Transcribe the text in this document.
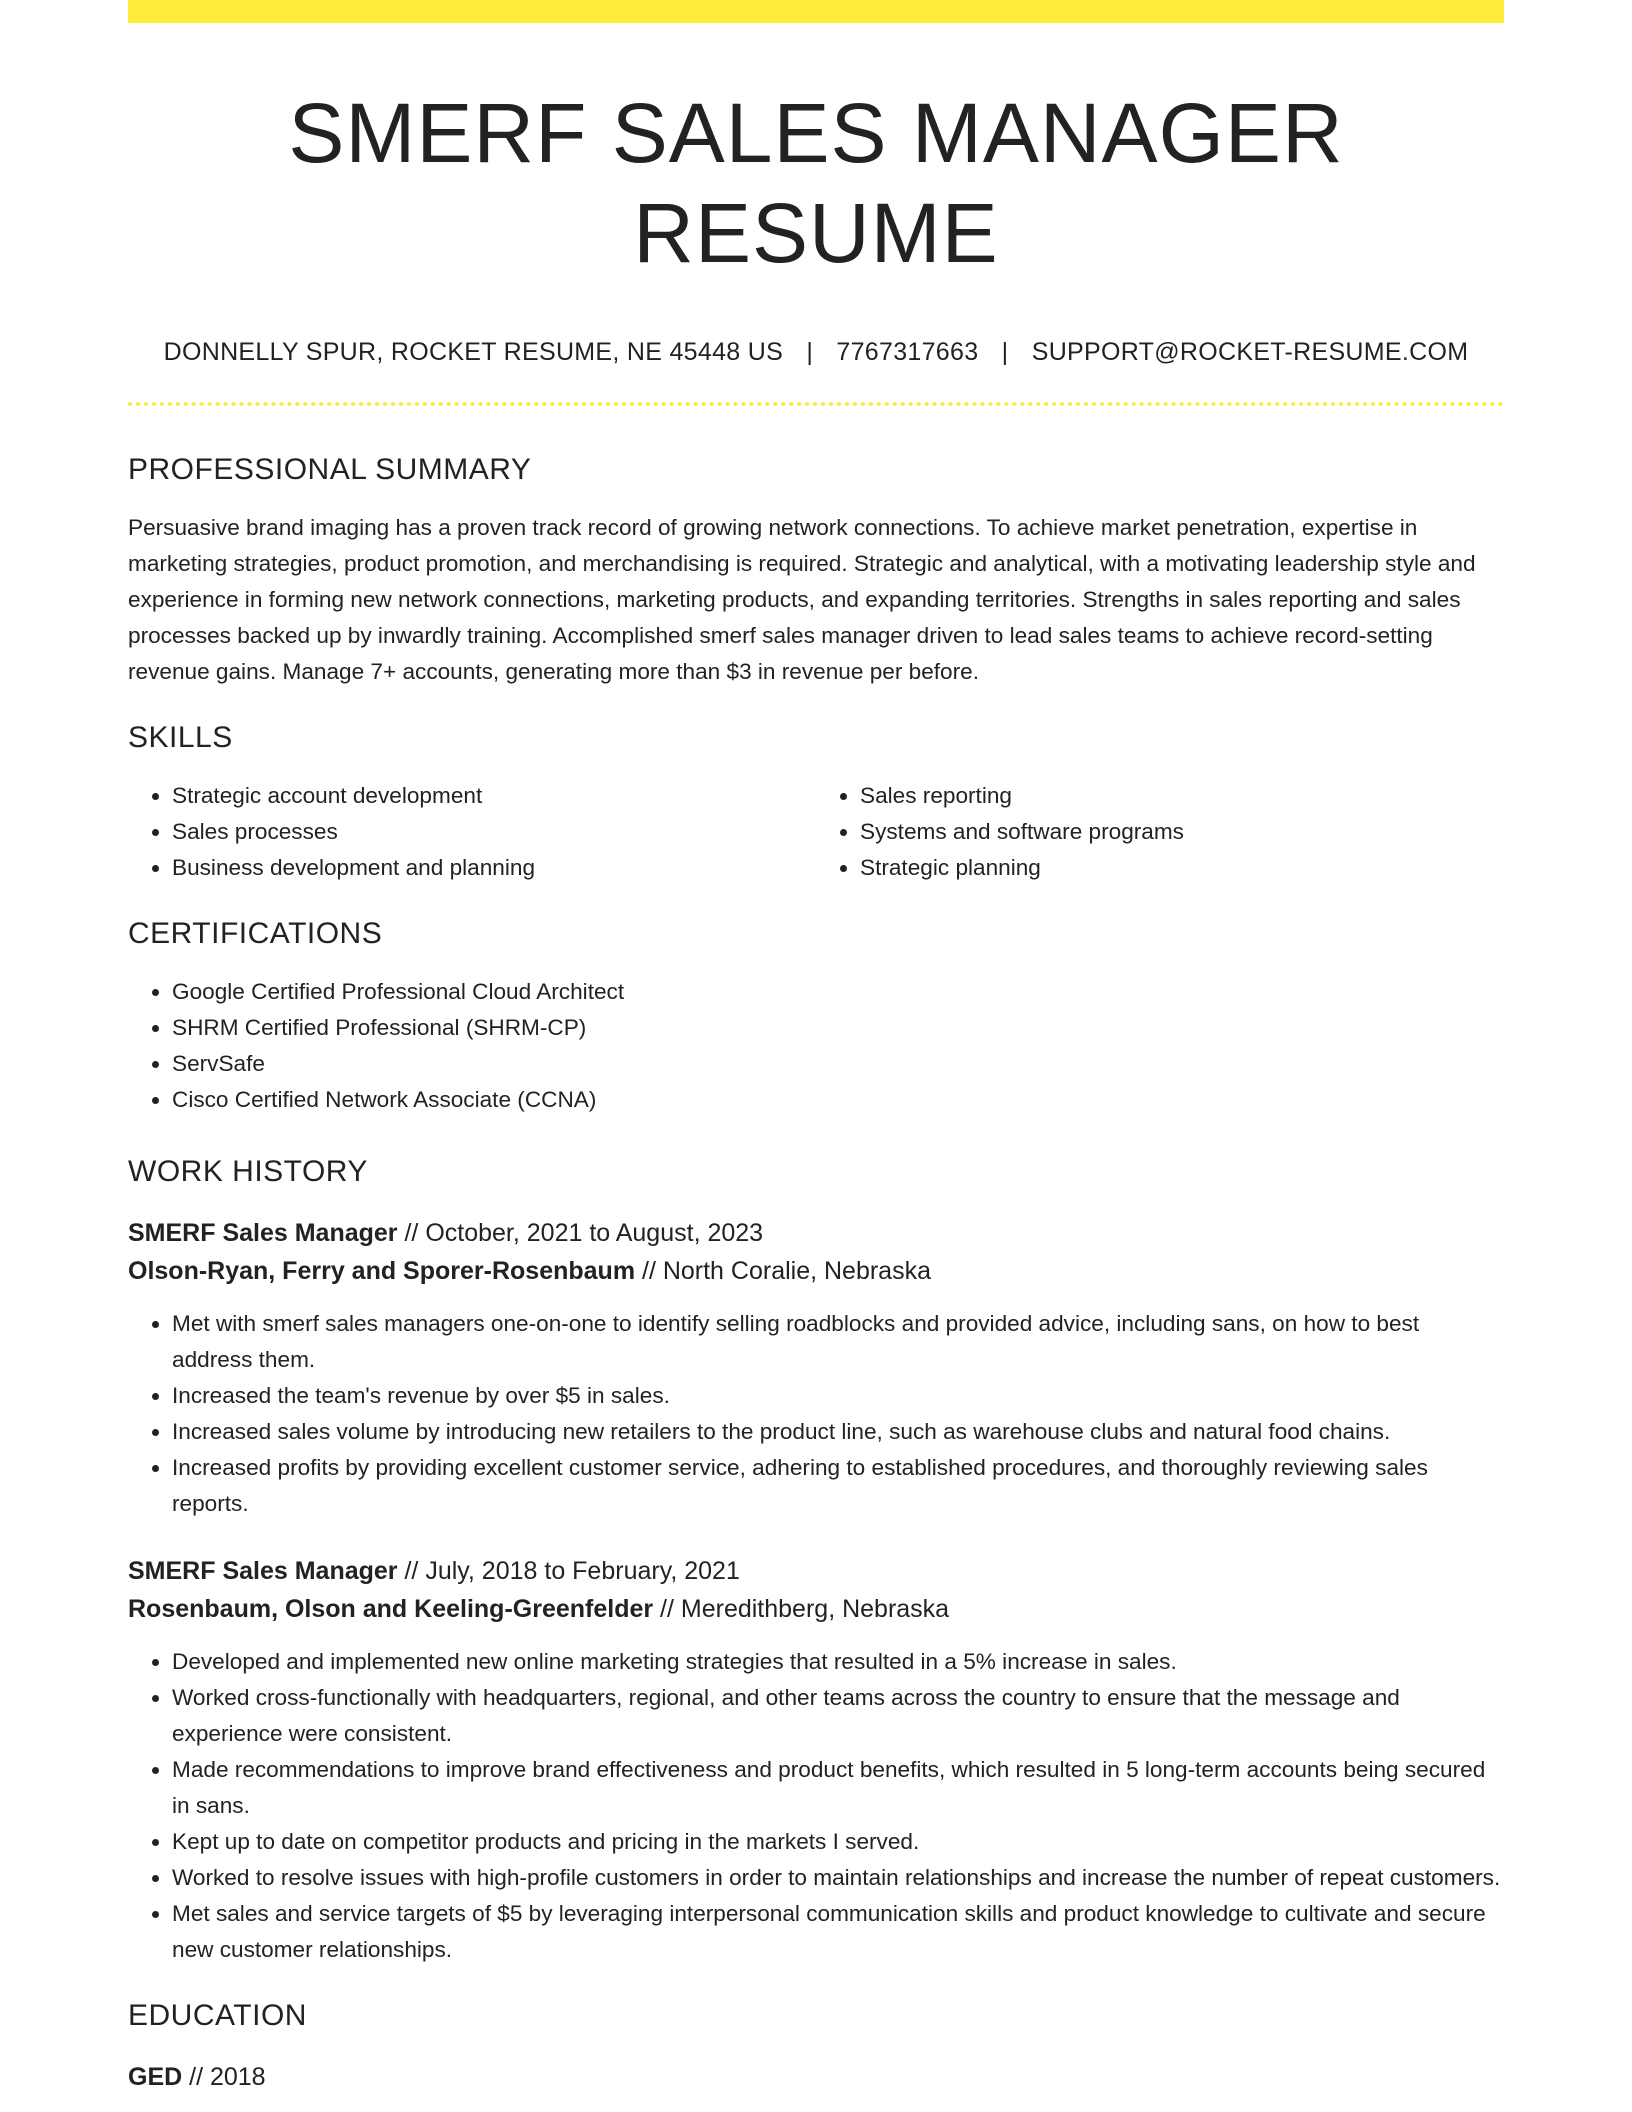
SMERF SALES MANAGER RESUME
DONNELLY SPUR, ROCKET RESUME, NE 45448 US | 7767317663 | SUPPORT@ROCKET-RESUME.COM
PROFESSIONAL SUMMARY

Persuasive brand imaging has a proven track record of growing network connections. To achieve market penetration, expertise in marketing strategies, product promotion, and merchandising is required. Strategic and analytical, with a motivating leadership style and experience in forming new network connections, marketing products, and expanding territories. Strengths in sales reporting and sales processes backed up by inwardly training. Accomplished smerf sales manager driven to lead sales teams to achieve record-setting revenue gains. Manage 7+ accounts, generating more than $3 in revenue per before.

SKILLS
• Strategic account development
• Sales processes
• Business development and planning
• Sales reporting
• Systems and software programs
• Strategic planning
CERTIFICATIONS
• Google Certified Professional Cloud Architect
• SHRM Certified Professional (SHRM-CP)
• ServSafe
• Cisco Certified Network Associate (CCNA)
WORK HISTORY
SMERF Sales Manager // October, 2021 to August, 2023
Olson-Ryan, Ferry and Sporer-Rosenbaum // North Coralie, Nebraska
• Met with smerf sales managers one-on-one to identify selling roadblocks and provided advice, including sans, on how to best address them.
• Increased the team's revenue by over $5 in sales.
• Increased sales volume by introducing new retailers to the product line, such as warehouse clubs and natural food chains.
• Increased profits by providing excellent customer service, adhering to established procedures, and thoroughly reviewing sales reports.
SMERF Sales Manager // July, 2018 to February, 2021
Rosenbaum, Olson and Keeling-Greenfelder // Meredithberg, Nebraska
• Developed and implemented new online marketing strategies that resulted in a 5% increase in sales.
• Worked cross-functionally with headquarters, regional, and other teams across the country to ensure that the message and experience were consistent.
• Made recommendations to improve brand effectiveness and product benefits, which resulted in 5 long-term accounts being secured in sans.
• Kept up to date on competitor products and pricing in the markets I served.
• Worked to resolve issues with high-profile customers in order to maintain relationships and increase the number of repeat customers.
• Met sales and service targets of $5 by leveraging interpersonal communication skills and product knowledge to cultivate and secure new customer relationships.
EDUCATION
GED // 2018
